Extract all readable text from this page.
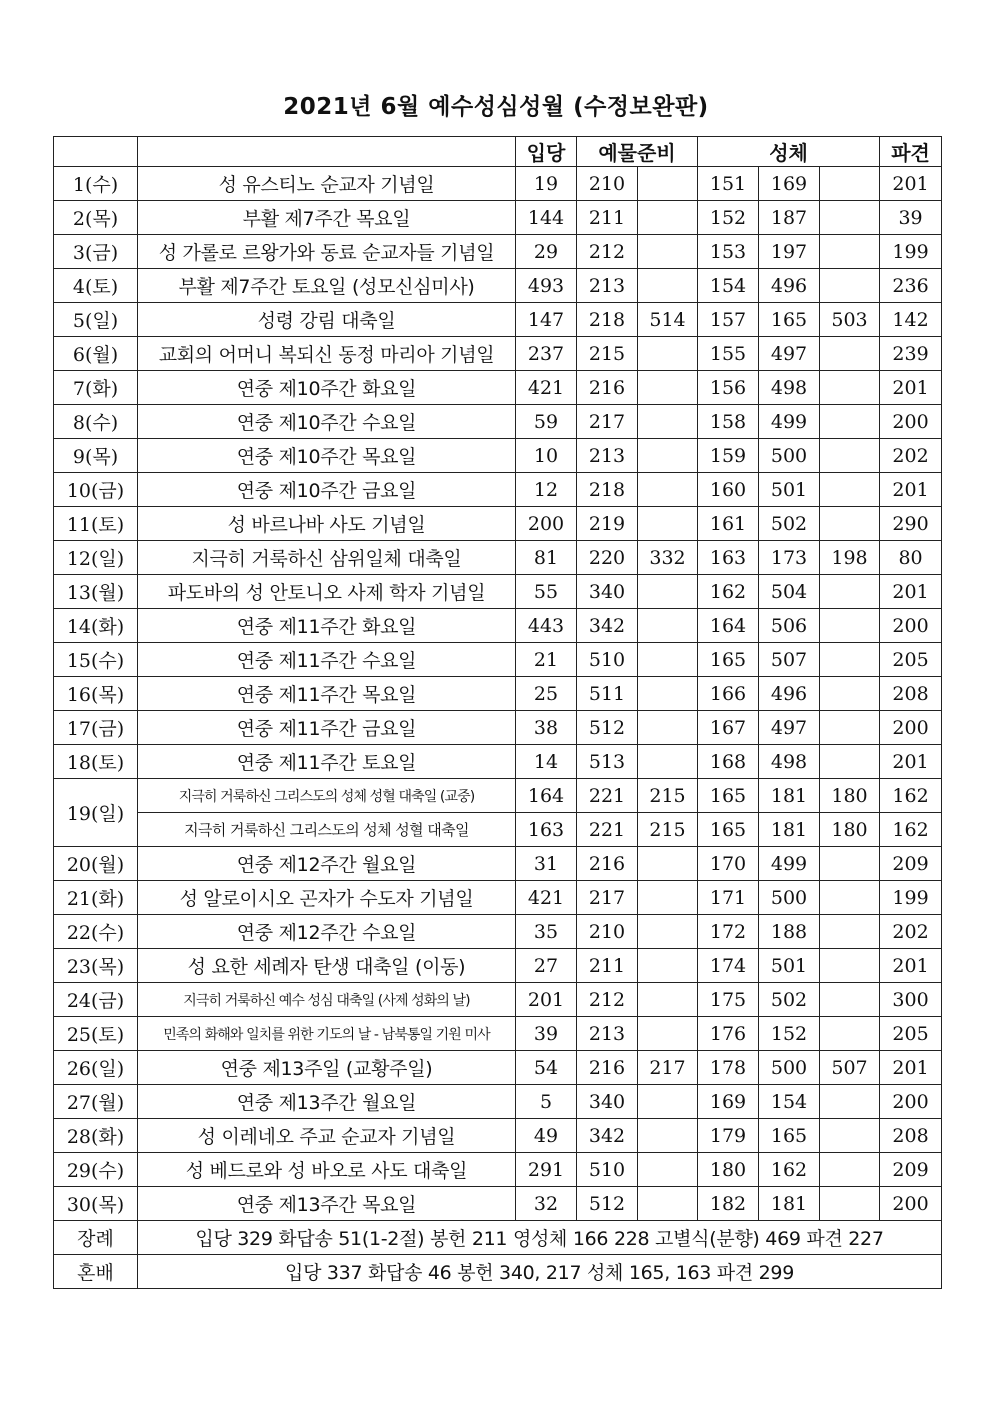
2021년 6월 예수성심성월 (수정보완판)
		입당	예물준비		성체			파견
1(수)	성 유스티노 순교자 기념일	19	210		151	169		201
2(목)	부활 제7주간 목요일	144	211		152	187		39
3(금)	성 가롤로 르왕가와 동료 순교자들 기념일	29	212		153	197		199
4(토)	부활 제7주간 토요일 (성모신심미사)	493	213		154	496		236
5(일)	성령 강림 대축일	147	218	514	157	165	503	142
6(월)	교회의 어머니 복되신 동정 마리아 기념일	237	215		155	497		239
7(화)	연중 제10주간 화요일	421	216		156	498		201
8(수)	연중 제10주간 수요일	59	217		158	499		200
9(목)	연중 제10주간 목요일	10	213		159	500		202
10(금)	연중 제10주간 금요일	12	218		160	501		201
11(토)	성 바르나바 사도 기념일	200	219		161	502		290
12(일)	지극히 거룩하신 삼위일체 대축일	81	220	332	163	173	198	80
13(월)	파도바의 성 안토니오 사제 학자 기념일	55	340		162	504		201
14(화)	연중 제11주간 화요일	443	342		164	506		200
15(수)	연중 제11주간 수요일	21	510		165	507		205
16(목)	연중 제11주간 목요일	25	511		166	496		208
17(금)	연중 제11주간 금요일	38	512		167	497		200
18(토)	연중 제11주간 토요일	14	513		168	498		201
19(일)	지극히 거룩하신 그리스도의 성체 성혈 대축일 (교중)	164	221	215	165	181	180	162
	지극히 거룩하신 그리스도의 성체 성혈 대축일	163	221	215	165	181	180	162
20(월)	연중 제12주간 월요일	31	216		170	499		209
21(화)	성 알로이시오 곤자가 수도자 기념일	421	217		171	500		199
22(수)	연중 제12주간 수요일	35	210		172	188		202
23(목)	성 요한 세례자 탄생 대축일 (이동)	27	211		174	501		201
24(금)	지극히 거룩하신 예수 성심 대축일 (사제 성화의 날)	201	212		175	502		300
25(토)	민족의 화해와 일치를 위한 기도의 날 - 남북통일 기원 미사	39	213		176	152		205
26(일)	연중 제13주일 (교황주일)	54	216	217	178	500	507	201
27(월)	연중 제13주간 월요일	5	340		169	154		200
28(화)	성 이레네오 주교 순교자 기념일	49	342		179	165		208
29(수)	성 베드로와 성 바오로 사도 대축일	291	510		180	162		209
30(목)	연중 제13주간 목요일	32	512		182	181		200
장례	입당 329 화답송 51(1-2절) 봉헌 211 영성체 166 228 고별식(분향) 469 파견 227							
혼배	입당 337 화답송 46 봉헌 340, 217 성체 165, 163 파견 299							
